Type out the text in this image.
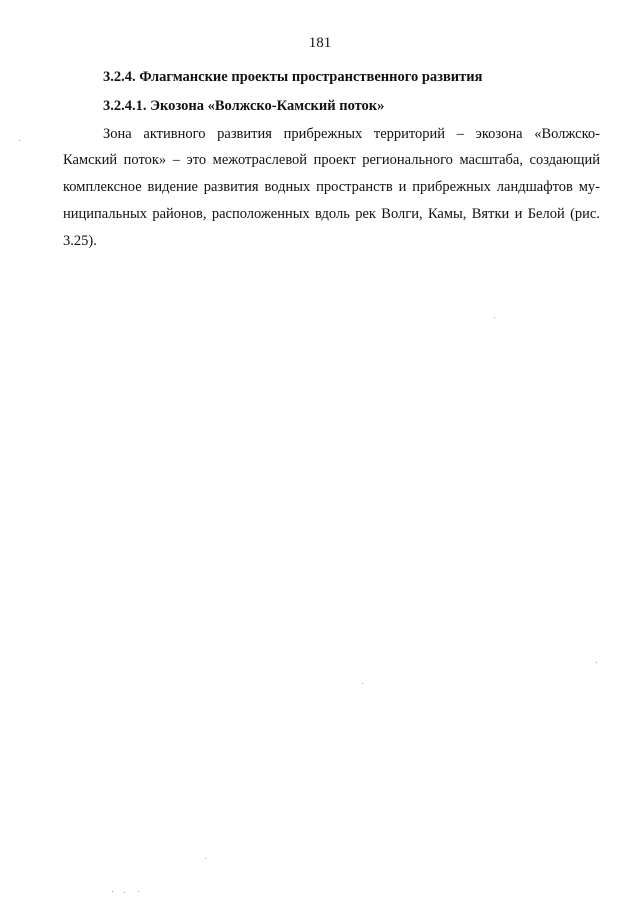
181
3.2.4. Флагманские проекты пространственного развития
3.2.4.1. Экозона «Волжско-Камский поток»
Зона активного развития прибрежных территорий – экозона «Волжско-
Камский поток» – это межотраслевой проект регионального масштаба, создающий
комплексное видение развития водных пространств и прибрежных ландшафтов му-
ниципальных районов, расположенных вдоль рек Волги, Камы, Вятки и Белой (рис.
3.25).
